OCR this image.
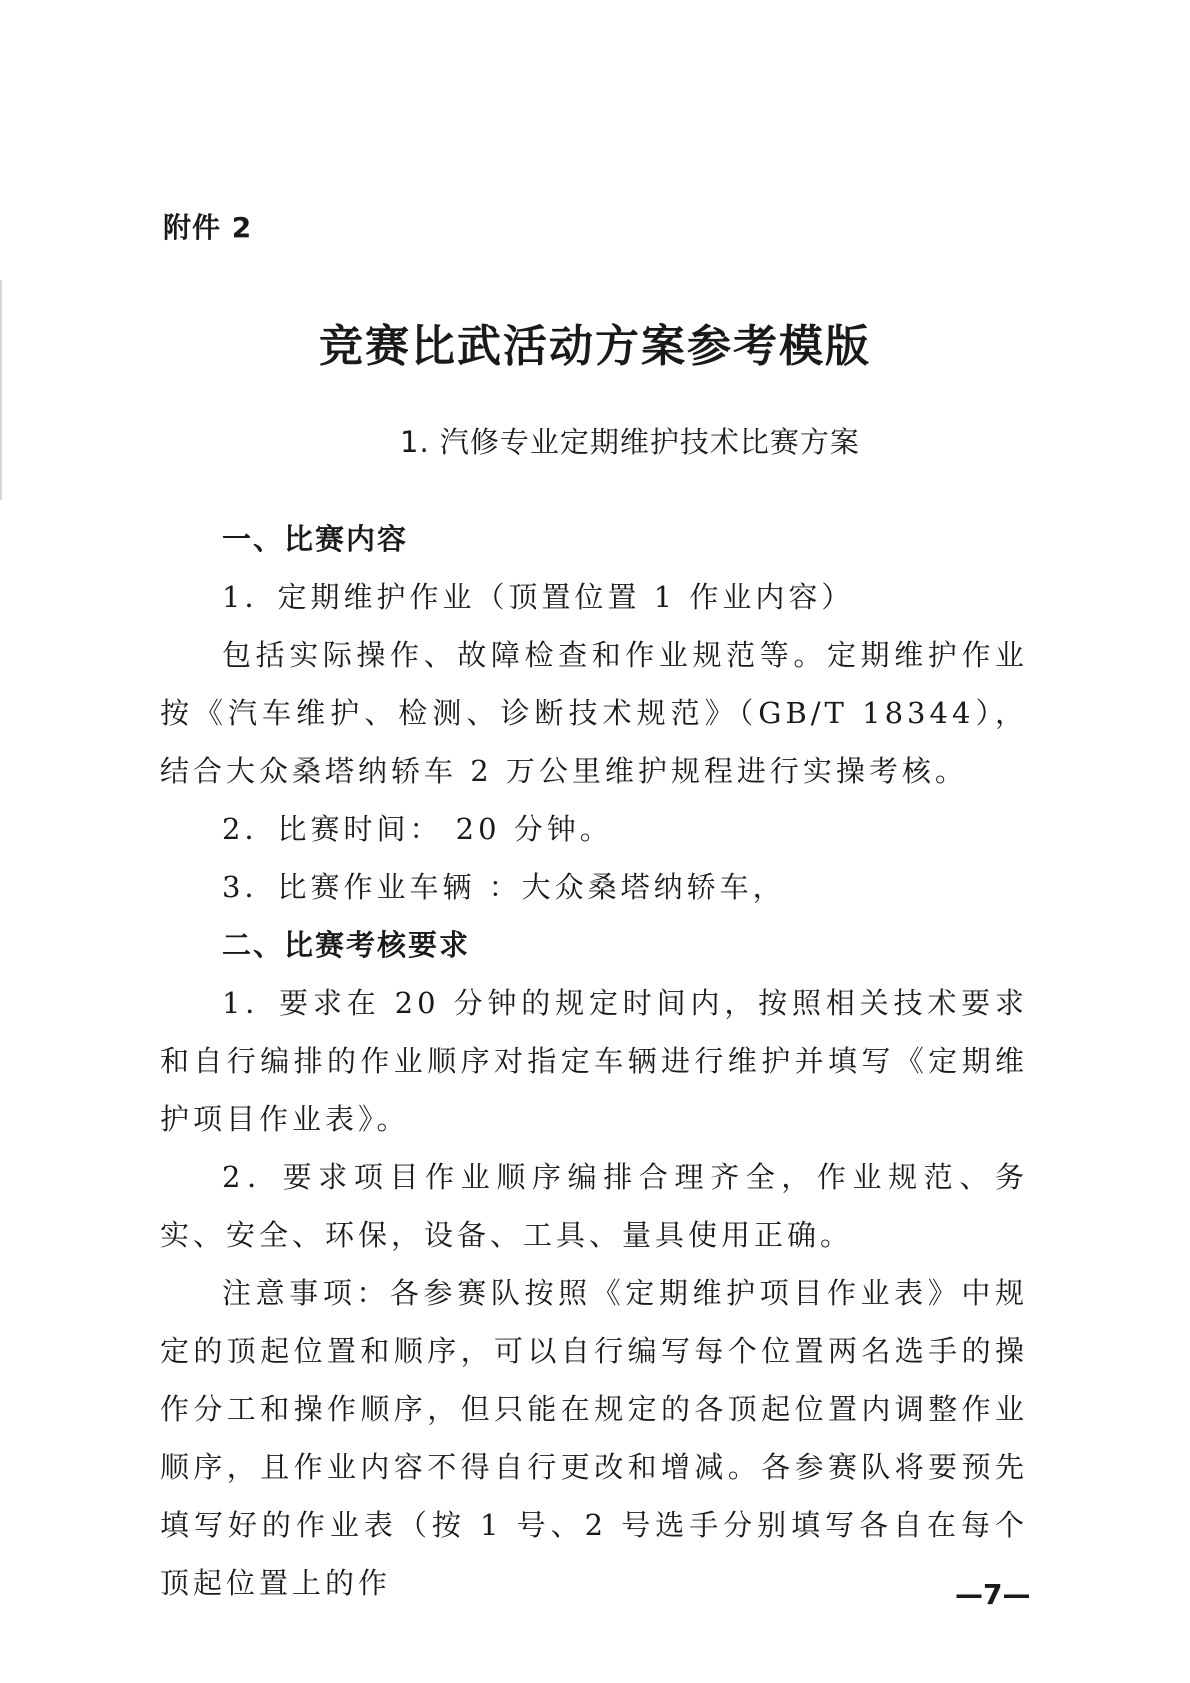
附件 2
竞赛比武活动方案参考模版
1. 汽修专业定期维护技术比赛方案

一、比赛内容

1．定期维护作业（顶置位置 1 作业内容）

包括实际操作、故障检查和作业规范等。定期维护作业按《汽车维护、检测、诊断技术规范》（GB/T 18344），结合大众桑塔纳轿车 2 万公里维护规程进行实操考核。

2．比赛时间： 20 分钟。

3．比赛作业车辆 ：大众桑塔纳轿车，

二、比赛考核要求

1．要求在 20 分钟的规定时间内，按照相关技术要求和自行编排的作业顺序对指定车辆进行维护并填写《定期维护项目作业表》。

2．要求项目作业顺序编排合理齐全，作业规范、务实、安全、环保，设备、工具、量具使用正确。

注意事项：各参赛队按照《定期维护项目作业表》中规定的顶起位置和顺序，可以自行编写每个位置两名选手的操作分工和操作顺序，但只能在规定的各顶起位置内调整作业顺序，且作业内容不得自行更改和增减。各参赛队将要预先填写好的作业表（按 1 号、2 号选手分别填写各自在每个顶起位置上的作	—7—
